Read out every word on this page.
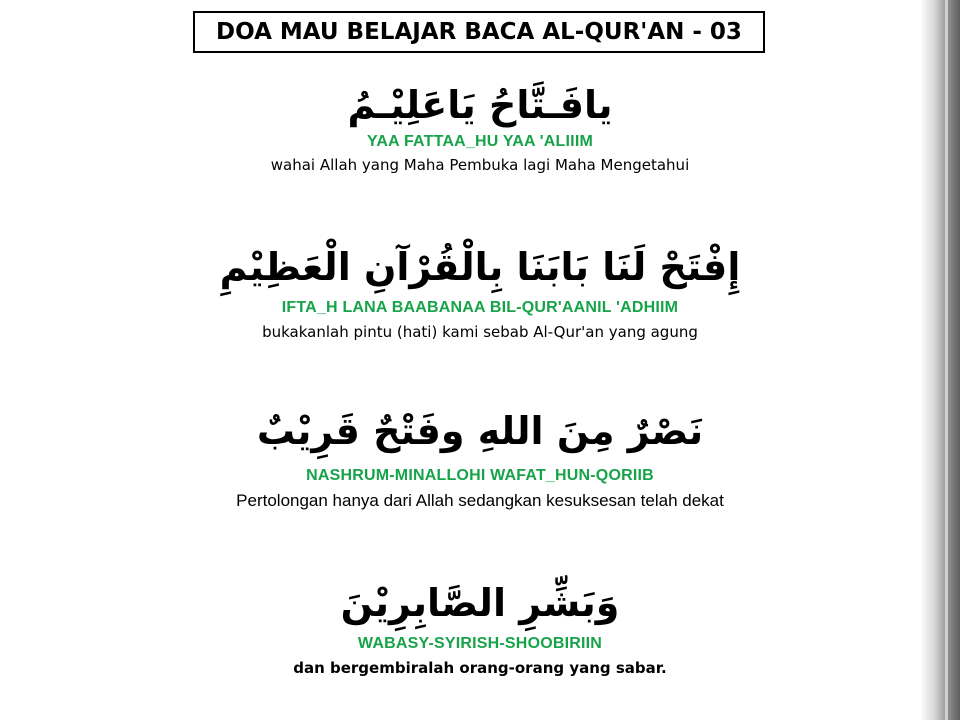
DOA MAU BELAJAR BACA AL-QUR'AN - 03
يافَـتَّاحُ يَاعَلِيْـمُ
YAA FATTAA_HU YAA 'ALIIIM
wahai Allah yang Maha Pembuka lagi Maha Mengetahui
إِفْتَحْ لَنَا بَابَنَا بِالْقُرْآنِ الْعَظِيْمِ
IFTA_H LANA BAABANAA BIL-QUR'AANIL 'ADHIIM
bukakanlah pintu (hati) kami sebab Al-Qur'an yang agung
نَصْرٌ مِنَ اللهِ وفَتْحٌ قَرِيْبٌ
NASHRUM-MINALLOHI WAFAT_HUN-QORIIB
Pertolongan hanya dari Allah sedangkan kesuksesan telah dekat
وَبَشِّرِ الصَّابِرِيْنَ
WABASY-SYIRISH-SHOOBIRIIN
dan bergembiralah orang-orang yang sabar.
